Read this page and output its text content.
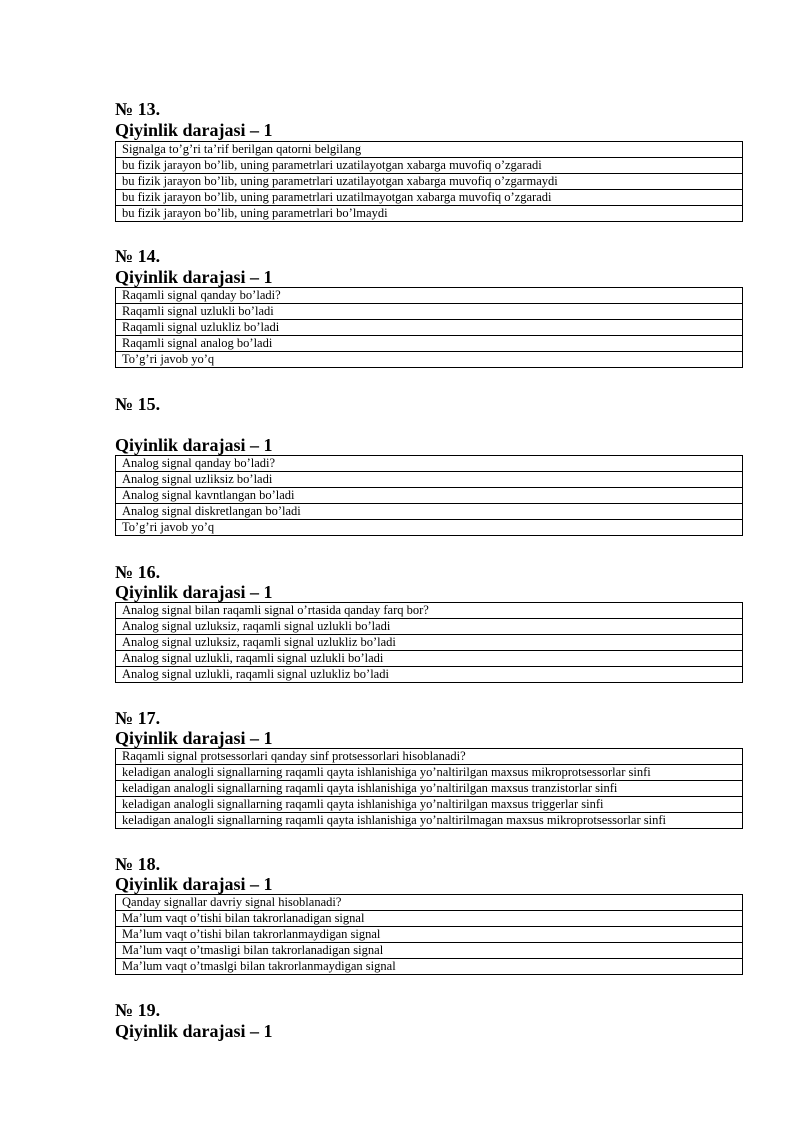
№ 13.
Qiyinlik darajasi – 1
Signalga to’g’ri ta’rif berilgan qatorni belgilang
bu fizik jarayon bo’lib, uning parametrlari uzatilayotgan xabarga muvofiq o’zgaradi
bu fizik jarayon bo’lib, uning parametrlari uzatilayotgan xabarga muvofiq o’zgarmaydi
bu fizik jarayon bo’lib, uning parametrlari uzatilmayotgan xabarga muvofiq o’zgaradi
bu fizik jarayon bo’lib, uning parametrlari bo’lmaydi
№ 14.
Qiyinlik darajasi – 1
Raqamli signal qanday bo’ladi?
Raqamli signal uzlukli bo’ladi
Raqamli signal uzlukliz bo’ladi
Raqamli signal analog bo’ladi
To’g’ri javob yo’q
№ 15.
Qiyinlik darajasi – 1
Analog signal qanday bo’ladi?
Analog signal uzliksiz bo’ladi
Analog signal kavntlangan bo’ladi
Analog signal diskretlangan bo’ladi
To’g’ri javob yo’q
№ 16.
Qiyinlik darajasi – 1
Analog signal bilan raqamli signal o’rtasida qanday farq bor?
Analog signal uzluksiz, raqamli signal uzlukli bo’ladi
Analog signal uzluksiz, raqamli signal uzlukliz bo’ladi
Analog signal uzlukli, raqamli signal uzlukli bo’ladi
Analog signal uzlukli, raqamli signal uzlukliz bo’ladi
№ 17.
Qiyinlik darajasi – 1
Raqamli signal protsessorlari qanday sinf protsessorlari hisoblanadi?
keladigan analogli signallarning raqamli qayta ishlanishiga yo’naltirilgan maxsus mikroprotsessorlar sinfi
keladigan analogli signallarning raqamli qayta ishlanishiga yo’naltirilgan maxsus tranzistorlar sinfi
keladigan analogli signallarning raqamli qayta ishlanishiga yo’naltirilgan maxsus triggerlar sinfi
keladigan analogli signallarning raqamli qayta ishlanishiga yo’naltirilmagan maxsus mikroprotsessorlar sinfi
№ 18.
Qiyinlik darajasi – 1
Qanday signallar davriy signal hisoblanadi?
Ma’lum vaqt o’tishi bilan takrorlanadigan signal
Ma’lum vaqt o’tishi bilan takrorlanmaydigan signal
Ma’lum vaqt o’tmasligi bilan takrorlanadigan signal
Ma’lum vaqt o’tmaslgi bilan takrorlanmaydigan signal
№ 19.
Qiyinlik darajasi – 1
